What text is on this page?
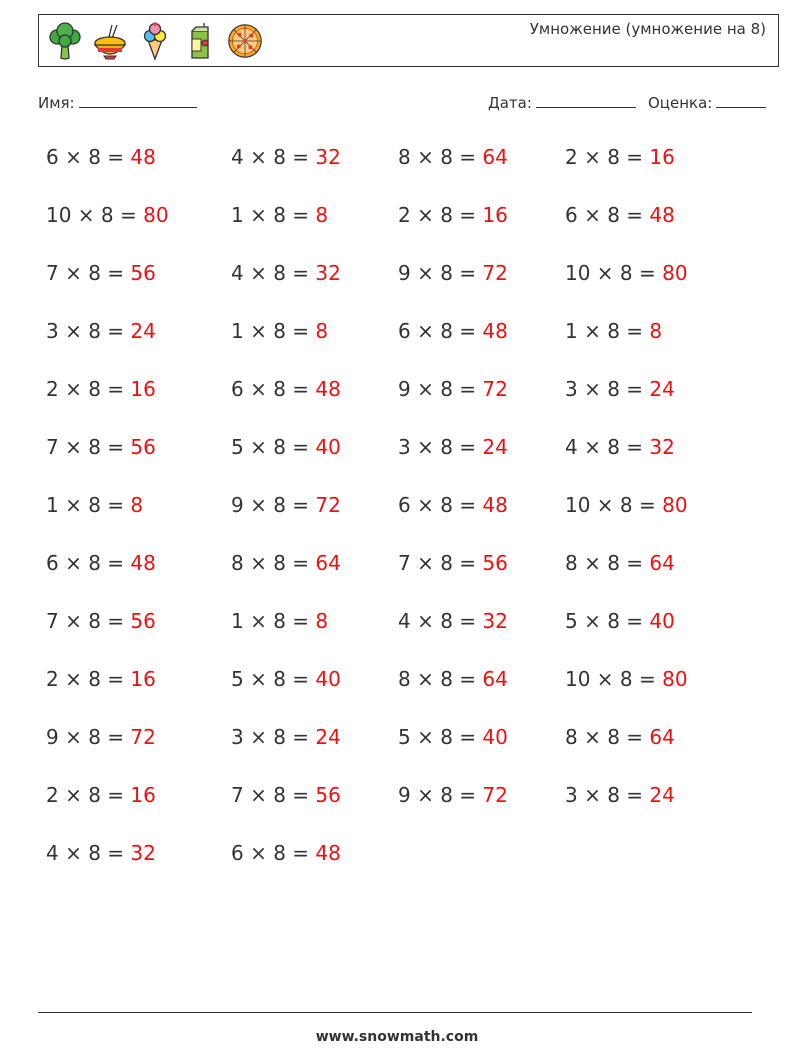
Умножение (умножение на 8)
Имя:	Дата:	Оценка:
6 × 8 = 48
10 × 8 = 80
7 × 8 = 56
3 × 8 = 24
2 × 8 = 16
7 × 8 = 56
1 × 8 = 8
6 × 8 = 48
7 × 8 = 56
2 × 8 = 16
9 × 8 = 72
2 × 8 = 16
4 × 8 = 32
4 × 8 = 32
1 × 8 = 8
4 × 8 = 32
1 × 8 = 8
6 × 8 = 48
5 × 8 = 40
9 × 8 = 72
8 × 8 = 64
1 × 8 = 8
5 × 8 = 40
3 × 8 = 24
7 × 8 = 56
6 × 8 = 48
8 × 8 = 64
2 × 8 = 16
9 × 8 = 72
6 × 8 = 48
9 × 8 = 72
3 × 8 = 24
6 × 8 = 48
7 × 8 = 56
4 × 8 = 32
8 × 8 = 64
5 × 8 = 40
9 × 8 = 72
2 × 8 = 16
6 × 8 = 48
10 × 8 = 80
1 × 8 = 8
3 × 8 = 24
4 × 8 = 32
10 × 8 = 80
8 × 8 = 64
5 × 8 = 40
10 × 8 = 80
8 × 8 = 64
3 × 8 = 24
www.snowmath.com
